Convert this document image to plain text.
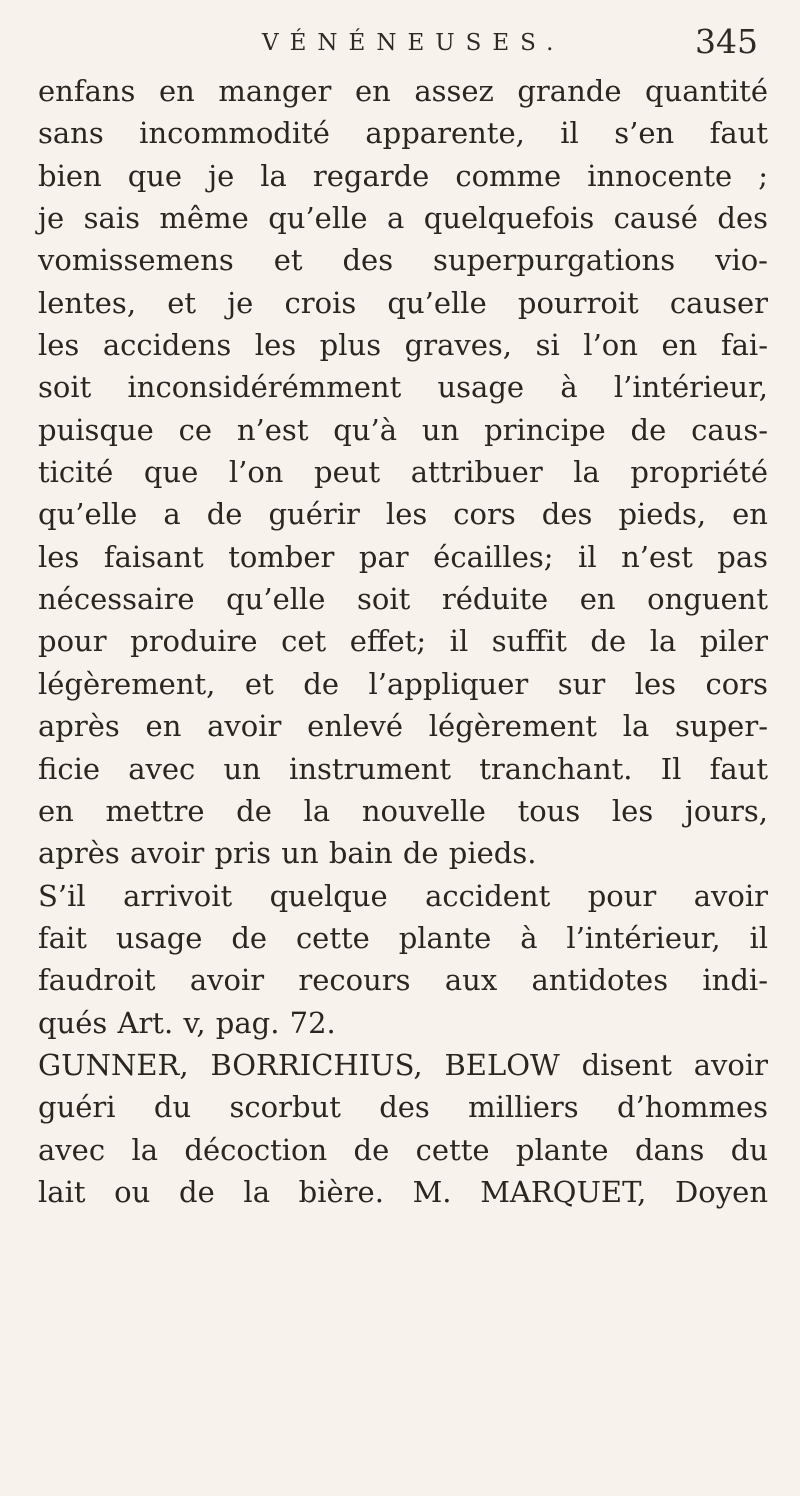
VÉNÉNEUSES.	345
enfans en manger en assez grande quantité
sans incommodité apparente, il s’en faut
bien que je la regarde comme innocente ;
je sais même qu’elle a quelquefois causé des
vomissemens et des superpurgations vio-
lentes, et je crois qu’elle pourroit causer
les accidens les plus graves, si l’on en fai-
soit inconsidérémment usage à l’intérieur,
puisque ce n’est qu’à un principe de caus-
ticité que l’on peut attribuer la propriété
qu’elle a de guérir les cors des pieds, en
les faisant tomber par écailles; il n’est pas
nécessaire qu’elle soit réduite en onguent
pour produire cet effet; il suffit de la piler
légèrement, et de l’appliquer sur les cors
après en avoir enlevé légèrement la super-
ficie avec un instrument tranchant. Il faut
en mettre de la nouvelle tous les jours,
après avoir pris un bain de pieds.
S’il arrivoit quelque accident pour avoir
fait usage de cette plante à l’intérieur, il
faudroit avoir recours aux antidotes indi-
qués Art. v, pag. 72.
GUNNER, BORRICHIUS, BELOW disent avoir
guéri du scorbut des milliers d’hommes
avec la décoction de cette plante dans du
lait ou de la bière. M. MARQUET, Doyen
